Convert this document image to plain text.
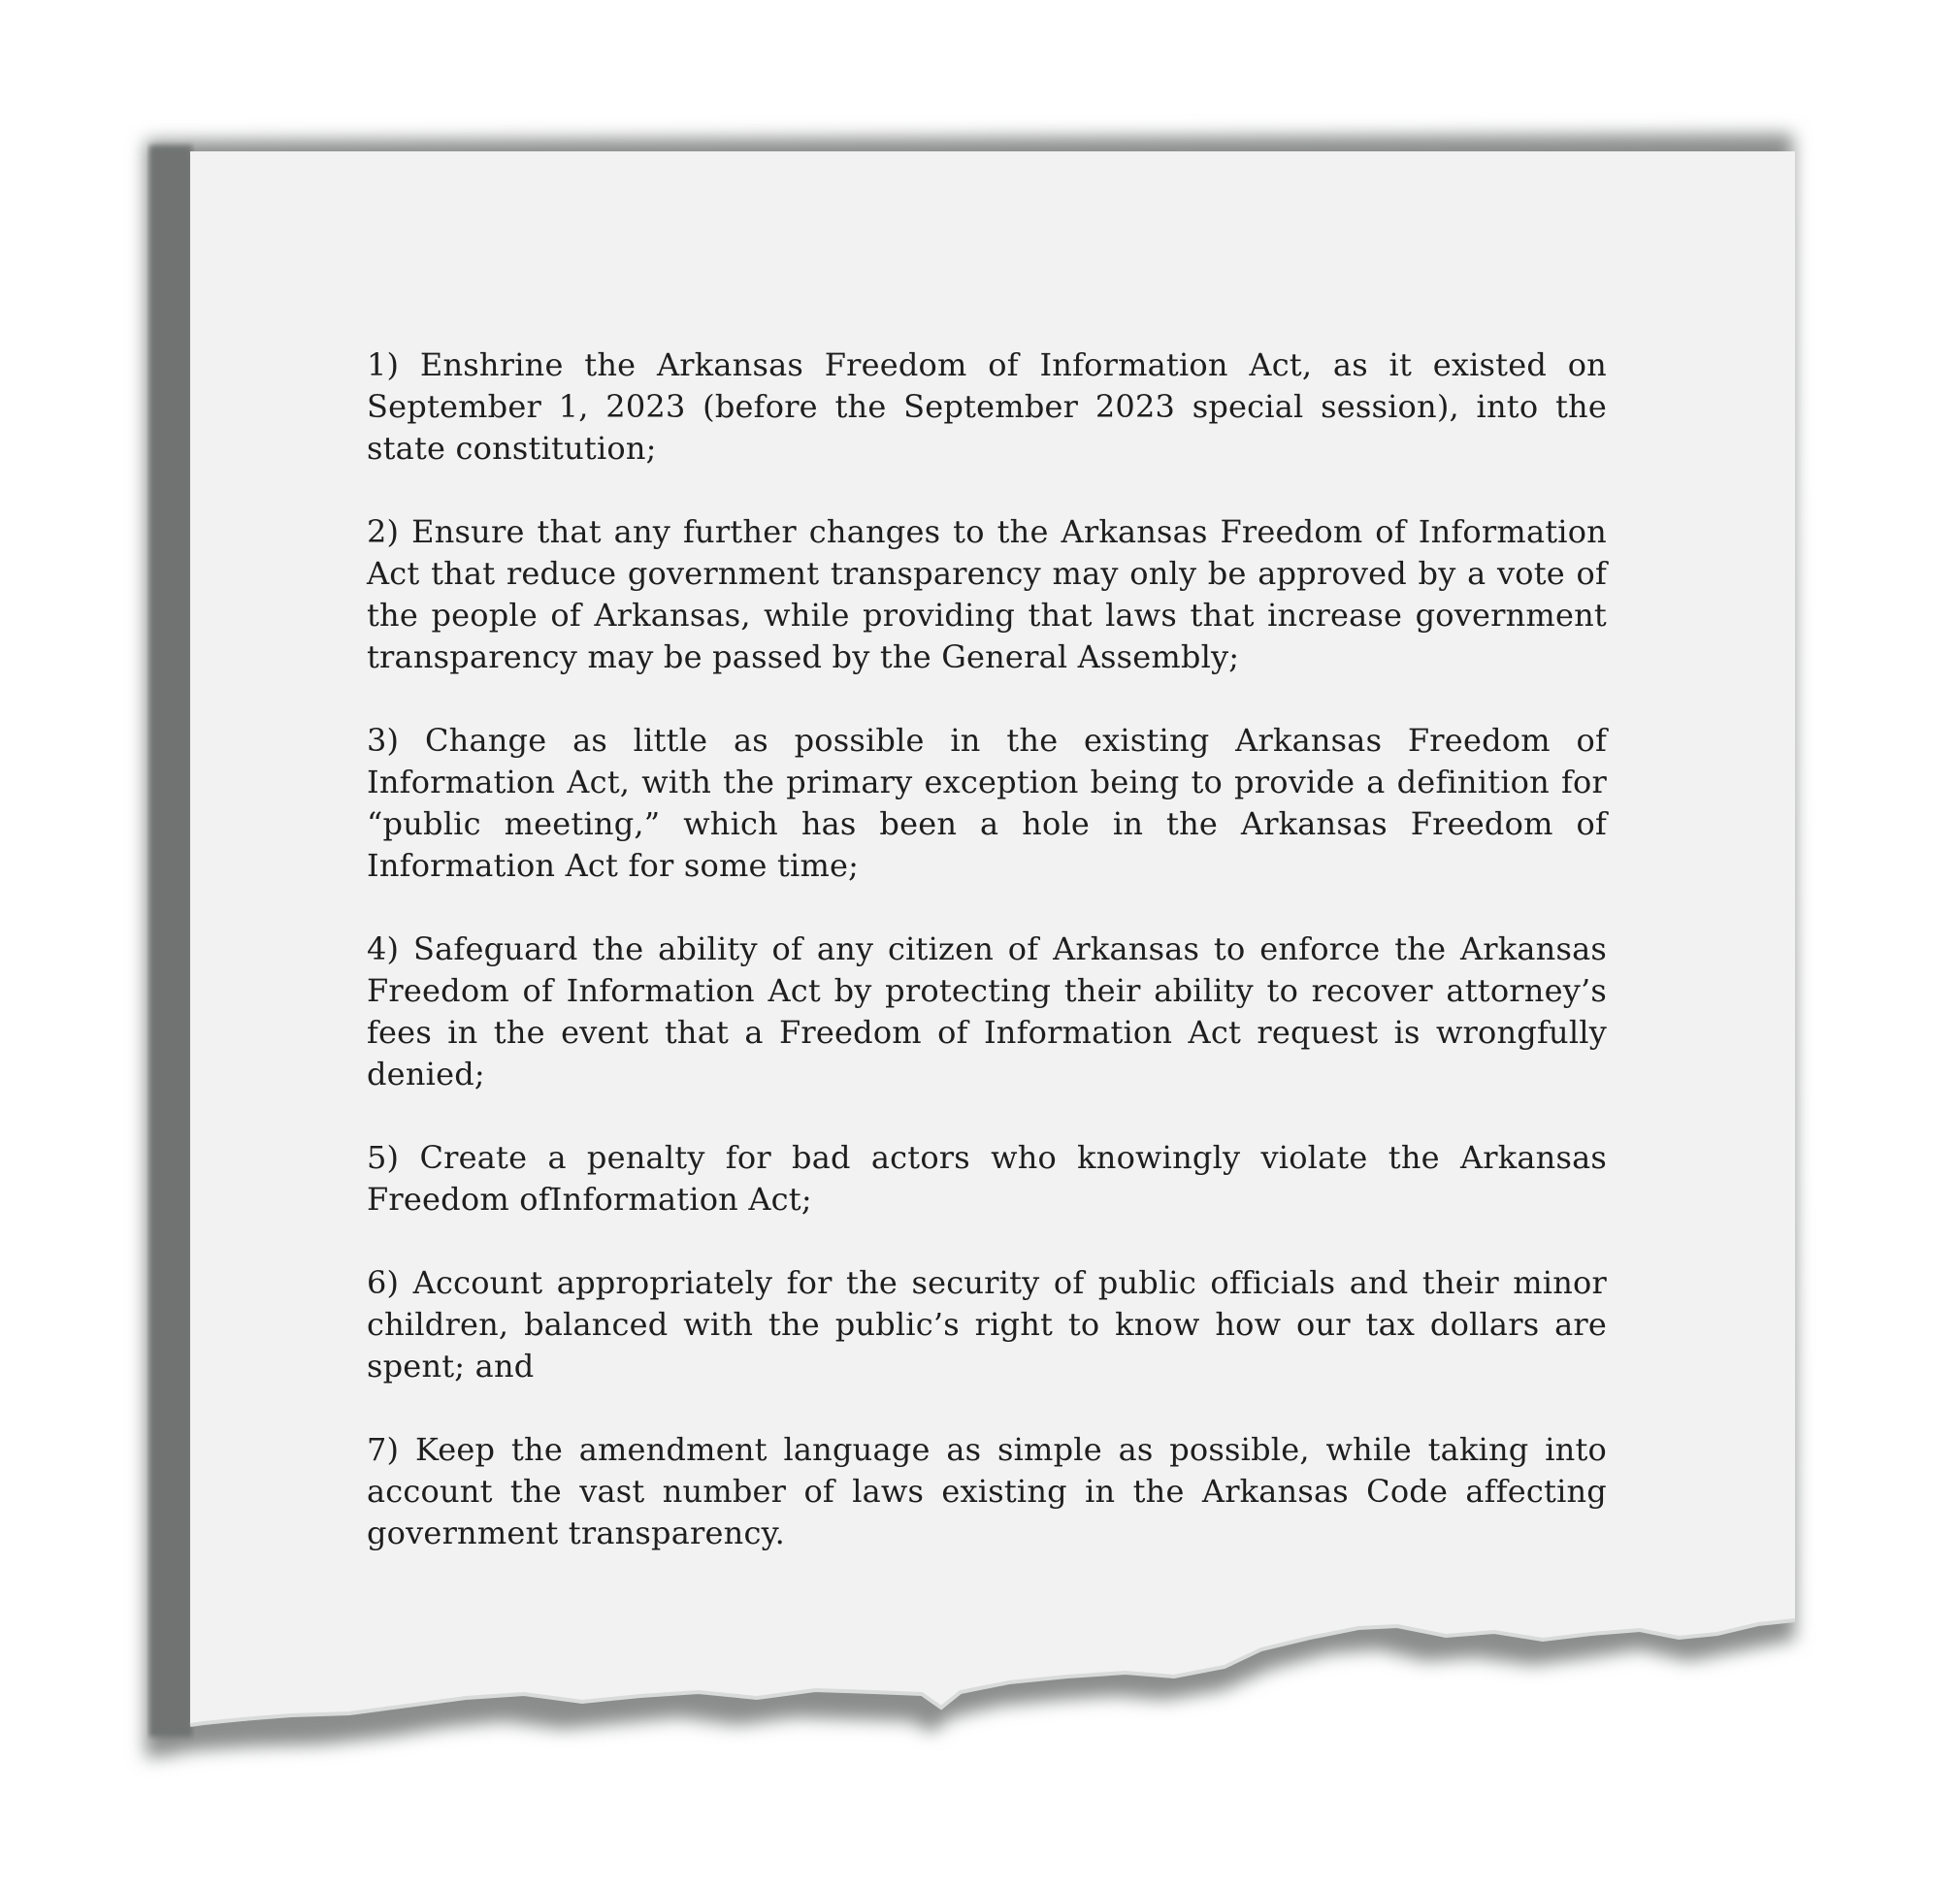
1) Enshrine the Arkansas Freedom of Information Act, as it existed on September 1, 2023 (before the September 2023 special session), into the state constitution;

2) Ensure that any further changes to the Arkansas Freedom of Information Act that reduce government transparency may only be approved by a vote of the people of Arkansas, while providing that laws that increase government transparency may be passed by the General Assembly;

3) Change as little as possible in the existing Arkansas Freedom of Information Act, with the primary exception being to provide a definition for “public meeting,” which has been a hole in the Arkansas Freedom of Information Act for some time;

4) Safeguard the ability of any citizen of Arkansas to enforce the Arkansas Freedom of Information Act by protecting their ability to recover attorney’s fees in the event that a Freedom of Information Act request is wrongfully denied;

5) Create a penalty for bad actors who knowingly violate the Arkansas Freedom ofInformation Act;

6) Account appropriately for the security of public officials and their minor children, balanced with the public’s right to know how our tax dollars are spent; and

7) Keep the amendment language as simple as possible, while taking into account the vast number of laws existing in the Arkansas Code affecting government transparency.
